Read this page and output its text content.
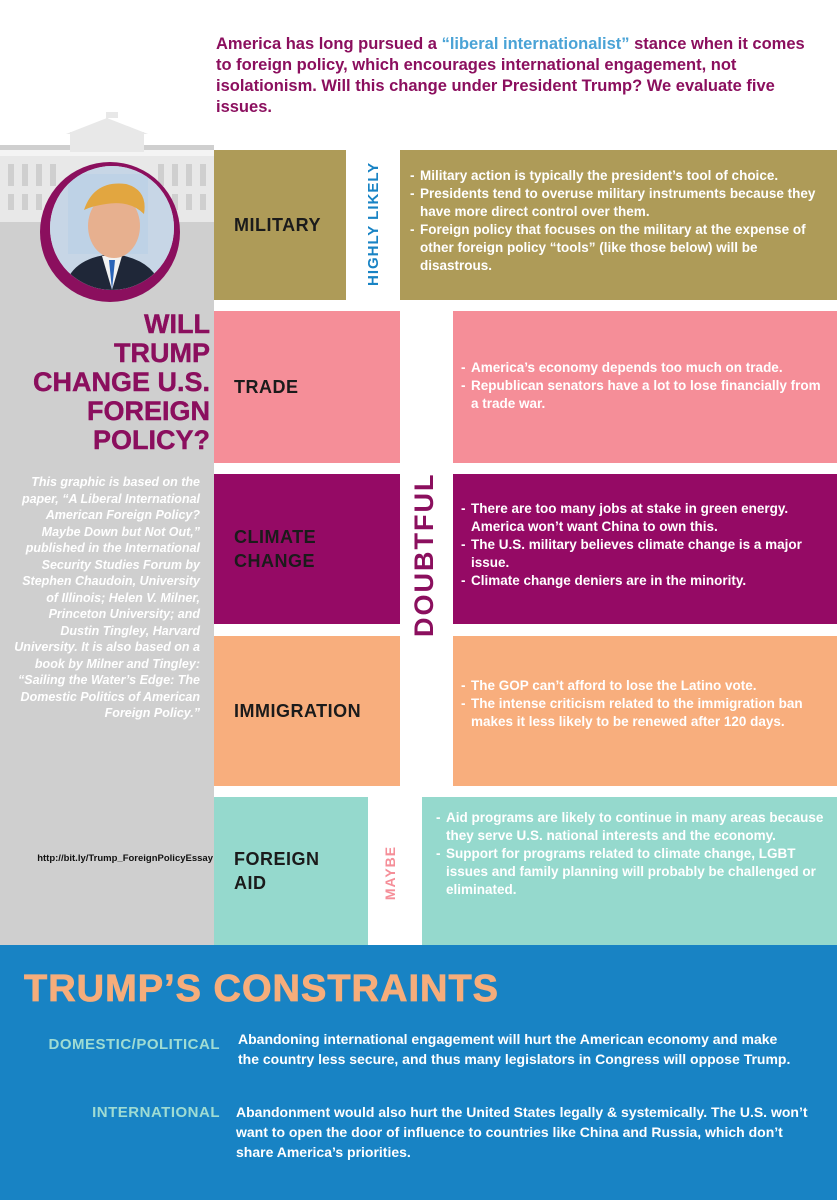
America has long pursued a “liberal internationalist” stance when it comes to foreign policy, which encourages international engagement, not isolationism. Will this change under President Trump? We evaluate five issues.

WILL
TRUMP
CHANGE U.S.
FOREIGN
POLICY?

This graphic is based on the paper, “A Liberal International American Foreign Policy? Maybe Down but Not Out,” published in the International Security Studies Forum by Stephen Chaudoin, University of Illinois; Helen V. Milner, Princeton University; and Dustin Tingley, Harvard University. It is also based on a book by Milner and Tingley: “Sailing the Water’s Edge: The Domestic Politics of American Foreign Policy.”

http://bit.ly/Trump_ForeignPolicyEssay
MILITARY	HIGHLY LIKELY
-	Military action is typically the president’s tool of choice.
- Presidents tend to overuse military instruments because they have more direct control over them.
- Foreign policy that focuses on the military at the expense of other foreign policy “tools” (like those below) will be disastrous.
TRADE
- America’s economy depends too much on trade.
- Republican senators have a lot to lose financially from a trade war.
DOUBTFUL
CLIMATE
CHANGE
- There are too many jobs at stake in green energy. America won’t want China to own this.
- The U.S. military believes climate change is a major issue.
- Climate change deniers are in the minority.
IMMIGRATION
- The GOP can’t afford to lose the Latino vote.
- The intense criticism related to the immigration ban makes it less likely to be renewed after 120 days.
FOREIGN
AID	MAYBE
- Aid programs are likely to continue in many areas because they serve U.S. national interests and the economy.
- Support for programs related to climate change, LGBT issues and family planning will probably be challenged or eliminated.
TRUMP’S CONSTRAINTS
DOMESTIC/POLITICAL Abandoning international engagement will hurt the American economy and make the country less secure, and thus many legislators in Congress will oppose Trump.

INTERNATIONAL Abandonment would also hurt the United States legally & systemically. The U.S. won’t want to open the door of influence to countries like China and Russia, which don’t share America’s priorities.
